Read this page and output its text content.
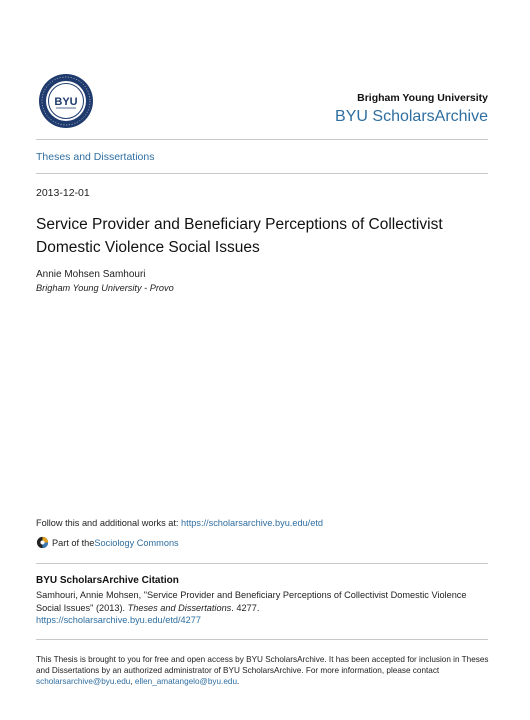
BYU	Brigham Young University
BYU ScholarsArchive
Theses and Dissertations
2013-12-01
Service Provider and Beneficiary Perceptions of Collectivist Domestic Violence Social Issues
Annie Mohsen Samhouri
Brigham Young University - Provo
Follow this and additional works at: https://scholarsarchive.byu.edu/etd
Part of the Sociology Commons
BYU ScholarsArchive Citation
Samhouri, Annie Mohsen, "Service Provider and Beneficiary Perceptions of Collectivist Domestic Violence Social Issues" (2013). Theses and Dissertations. 4277.
https://scholarsarchive.byu.edu/etd/4277
This Thesis is brought to you for free and open access by BYU ScholarsArchive. It has been accepted for inclusion in Theses and Dissertations by an authorized administrator of BYU ScholarsArchive. For more information, please contact scholarsarchive@byu.edu, ellen_amatangelo@byu.edu.
